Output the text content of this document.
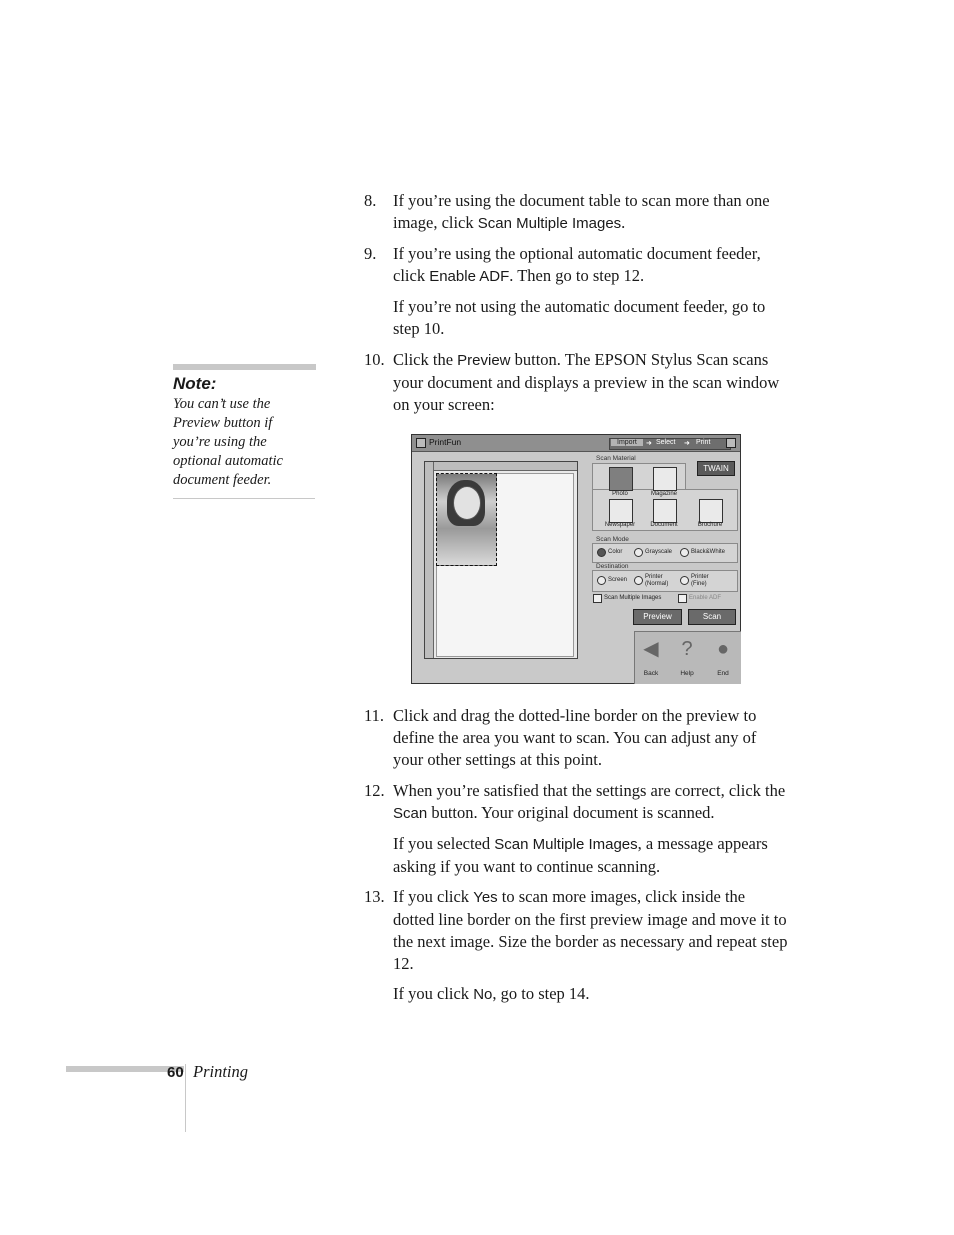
Note:
You can’t use the Preview button if you’re using the optional automatic document feeder.
8. If you’re using the document table to scan more than one image, click Scan Multiple Images.
9. If you’re using the optional automatic document feeder, click Enable ADF. Then go to step 12.
If you’re not using the automatic document feeder, go to step 10.
10. Click the Preview button. The EPSON Stylus Scan scans your document and displays a preview in the scan window on your screen:
PrintFun	Import	➜ Select ➜ Print
Scan Material
TWAIN
Photo	Magazine
Newspaper	Document	Brochure
Scan Mode
Color	Grayscale	Black&White
Destination
Screen	Printer (Normal)
Printer (Fine)
Scan Multiple Images	Enable ADF
Preview	Scan
◀
Back
?
Help
●
End
11. Click and drag the dotted-line border on the preview to define the area you want to scan. You can adjust any of your other settings at this point.
12. When you’re satisfied that the settings are correct, click the Scan button. Your original document is scanned.
If you selected Scan Multiple Images, a message appears asking if you want to continue scanning.
13. If you click Yes to scan more images, click inside the dotted line border on the first preview image and move it to the next image. Size the border as necessary and repeat step 12.
If you click No, go to step 14.
60 Printing
